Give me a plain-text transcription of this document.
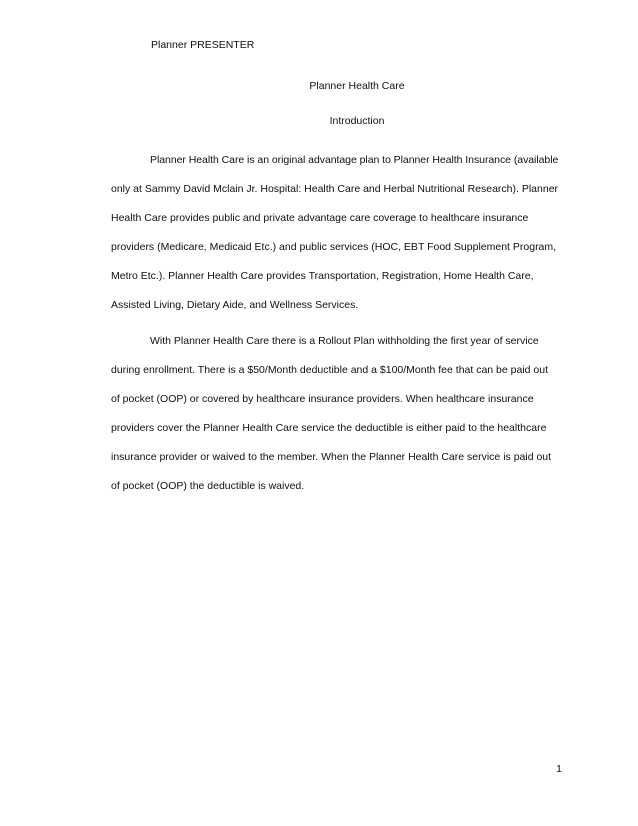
Planner PRESENTER
Planner Health Care
Introduction
Planner Health Care is an original advantage plan to Planner Health Insurance (available
only at Sammy David Mclain Jr. Hospital: Health Care and Herbal Nutritional Research). Planner
Health Care provides public and private advantage care coverage to healthcare insurance
providers (Medicare, Medicaid Etc.) and public services (HOC, EBT Food Supplement Program,
Metro Etc.). Planner Health Care provides Transportation, Registration, Home Health Care,
Assisted Living, Dietary Aide, and Wellness Services.
With Planner Health Care there is a Rollout Plan withholding the first year of service
during enrollment. There is a $50/Month deductible and a $100/Month fee that can be paid out
of pocket (OOP) or covered by healthcare insurance providers. When healthcare insurance
providers cover the Planner Health Care service the deductible is either paid to the healthcare
insurance provider or waived to the member. When the Planner Health Care service is paid out
of pocket (OOP) the deductible is waived.
1
